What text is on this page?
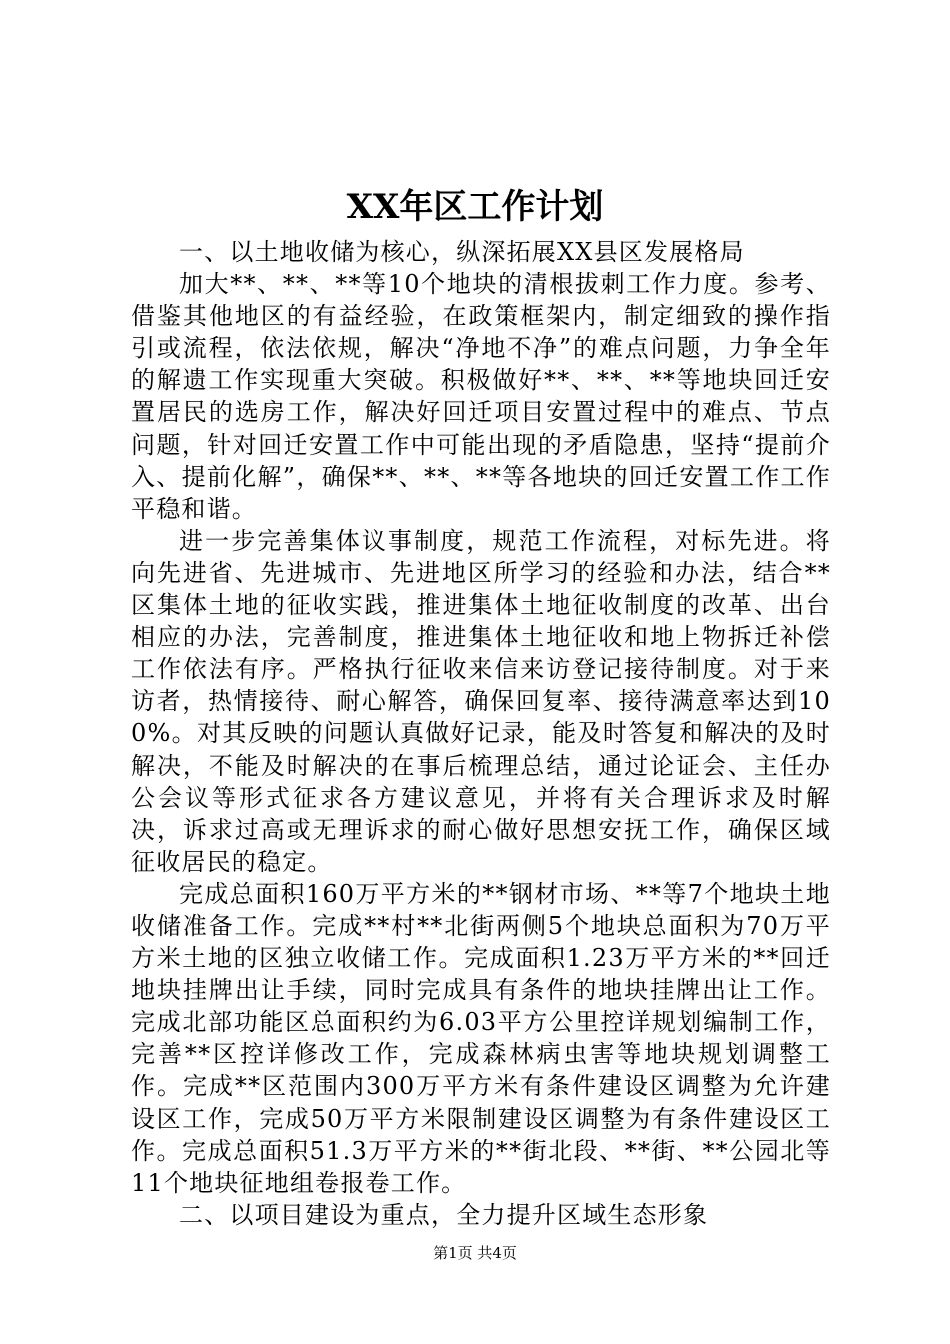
XX年区工作计划

一、以土地收储为核心，纵深拓展XX县区发展格局

加大**、**、**等10个地块的清根拔刺工作力度。参考、借鉴其他地区的有益经验，在政策框架内，制定细致的操作指引或流程，依法依规，解决“净地不净”的难点问题，力争全年的解遗工作实现重大突破。积极做好**、**、**等地块回迁安置居民的选房工作，解决好回迁项目安置过程中的难点、节点问题，针对回迁安置工作中可能出现的矛盾隐患，坚持“提前介入、提前化解”，确保**、**、**等各地块的回迁安置工作工作平稳和谐。

进一步完善集体议事制度，规范工作流程，对标先进。将向先进省、先进城市、先进地区所学习的经验和办法，结合**区集体土地的征收实践，推进集体土地征收制度的改革、出台相应的办法，完善制度，推进集体土地征收和地上物拆迁补偿工作依法有序。严格执行征收来信来访登记接待制度。对于来访者，热情接待、耐心解答，确保回复率、接待满意率达到100%。对其反映的问题认真做好记录，能及时答复和解决的及时解决，不能及时解决的在事后梳理总结，通过论证会、主任办公会议等形式征求各方建议意见，并将有关合理诉求及时解决，诉求过高或无理诉求的耐心做好思想安抚工作，确保区域征收居民的稳定。

完成总面积160万平方米的**钢材市场、**等7个地块土地收储准备工作。完成**村**北街两侧5个地块总面积为70万平方米土地的区独立收储工作。完成面积1.23万平方米的**回迁地块挂牌出让手续，同时完成具有条件的地块挂牌出让工作。完成北部功能区总面积约为6.03平方公里控详规划编制工作，完善**区控详修改工作，完成森林病虫害等地块规划调整工作。完成**区范围内300万平方米有条件建设区调整为允许建设区工作，完成50万平方米限制建设区调整为有条件建设区工作。完成总面积51.3万平方米的**街北段、**街、**公园北等11个地块征地组卷报卷工作。

二、以项目建设为重点，全力提升区域生态形象

第1页 共4页
